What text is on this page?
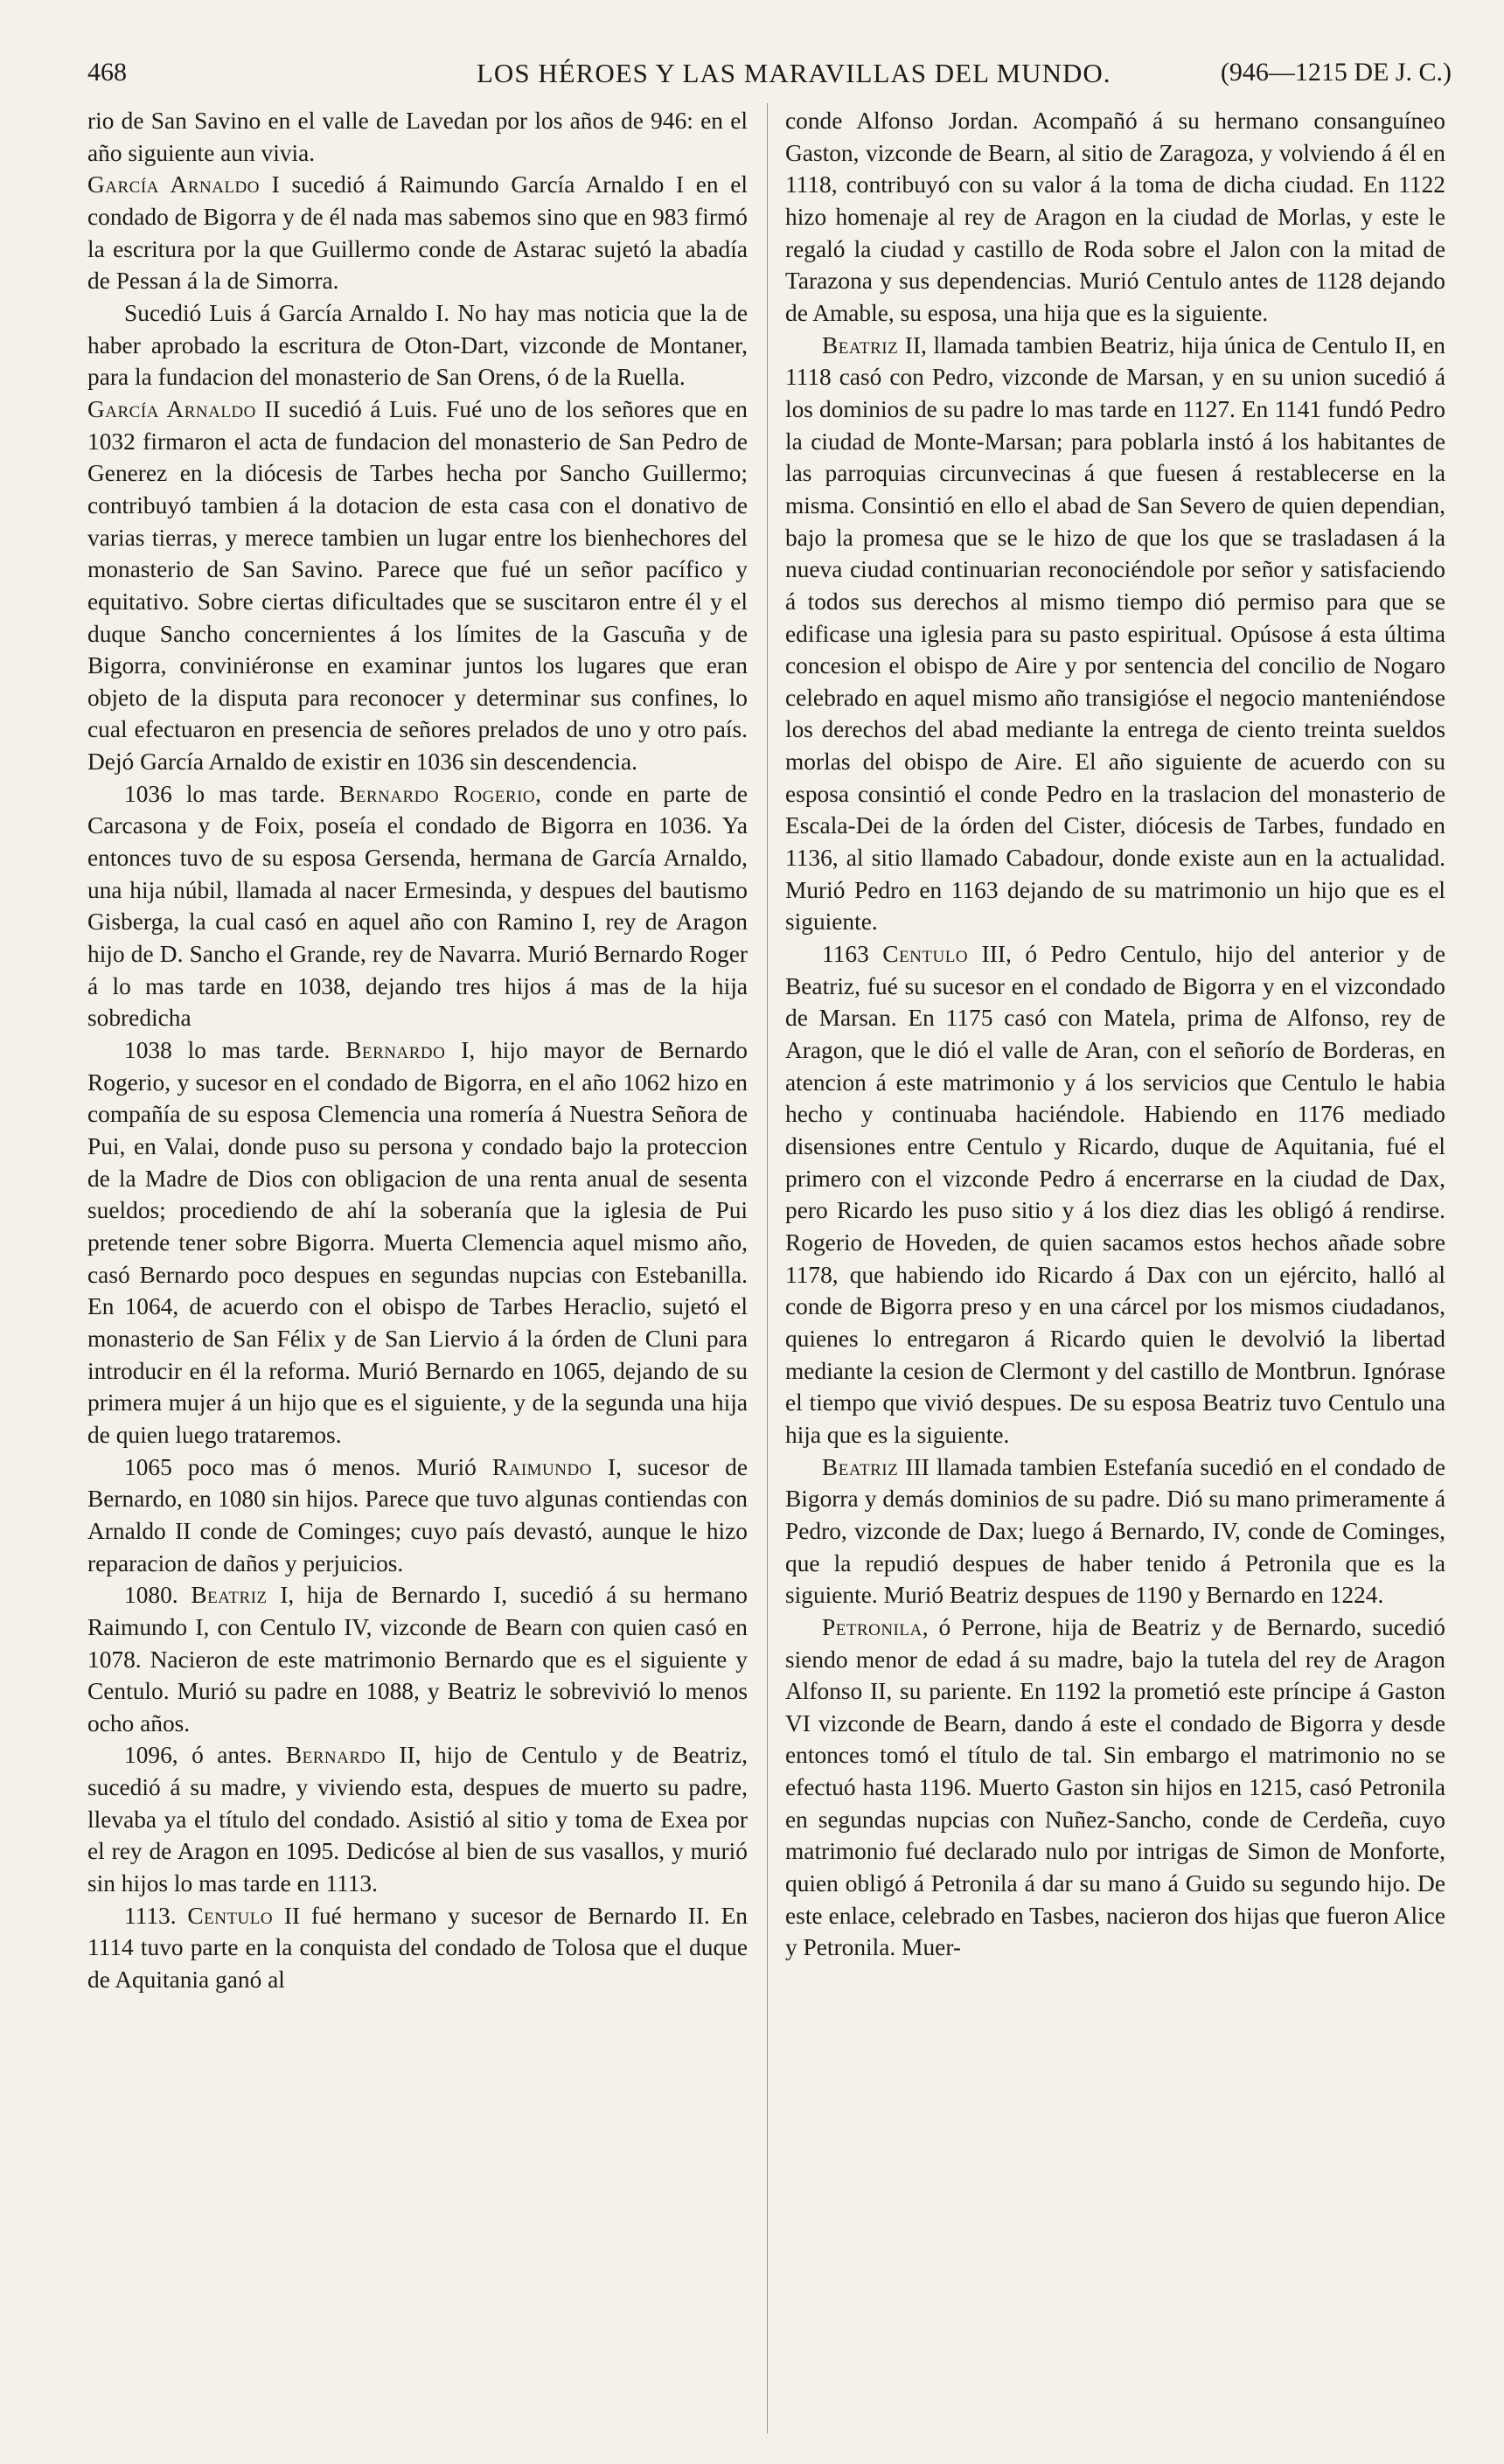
468	LOS HÉROES Y LAS MARAVILLAS DEL MUNDO.	(946—1215 DE J. C.)

rio de San Savino en el valle de Lavedan por los años de 946: en el año siguiente aun vivia.

García Arnaldo I sucedió á Raimundo García Arnaldo I en el condado de Bigorra y de él nada mas sabemos sino que en 983 firmó la escritura por la que Guillermo conde de Astarac sujetó la abadía de Pessan á la de Simorra.

Sucedió Luis á García Arnaldo I. No hay mas noticia que la de haber aprobado la escritura de Oton-Dart, vizconde de Montaner, para la fundacion del monasterio de San Orens, ó de la Ruella.

García Arnaldo II sucedió á Luis. Fué uno de los señores que en 1032 firmaron el acta de fundacion del monasterio de San Pedro de Generez en la diócesis de Tarbes hecha por Sancho Guillermo; contribuyó tambien á la dotacion de esta casa con el donativo de varias tierras, y merece tambien un lugar entre los bienhechores del monasterio de San Savino. Parece que fué un señor pacífico y equitativo. Sobre ciertas dificultades que se suscitaron entre él y el duque Sancho concernientes á los límites de la Gascuña y de Bigorra, conviniéronse en examinar juntos los lugares que eran objeto de la disputa para reconocer y determinar sus confines, lo cual efectuaron en presencia de señores prelados de uno y otro país. Dejó García Arnaldo de existir en 1036 sin descendencia.

1036 lo mas tarde. Bernardo Rogerio, conde en parte de Carcasona y de Foix, poseía el condado de Bigorra en 1036. Ya entonces tuvo de su esposa Gersenda, hermana de García Arnaldo, una hija núbil, llamada al nacer Ermesinda, y despues del bautismo Gisberga, la cual casó en aquel año con Ramino I, rey de Aragon hijo de D. Sancho el Grande, rey de Navarra. Murió Bernardo Roger á lo mas tarde en 1038, dejando tres hijos á mas de la hija sobredicha

1038 lo mas tarde. Bernardo I, hijo mayor de Bernardo Rogerio, y sucesor en el condado de Bigorra, en el año 1062 hizo en compañía de su esposa Clemencia una romería á Nuestra Señora de Pui, en Valai, donde puso su persona y condado bajo la proteccion de la Madre de Dios con obligacion de una renta anual de sesenta sueldos; procediendo de ahí la soberanía que la iglesia de Pui pretende tener sobre Bigorra. Muerta Clemencia aquel mismo año, casó Bernardo poco despues en segundas nupcias con Estebanilla. En 1064, de acuerdo con el obispo de Tarbes Heraclio, sujetó el monasterio de San Félix y de San Liervio á la órden de Cluni para introducir en él la reforma. Murió Bernardo en 1065, dejando de su primera mujer á un hijo que es el siguiente, y de la segunda una hija de quien luego trataremos.

1065 poco mas ó menos. Murió Raimundo I, sucesor de Bernardo, en 1080 sin hijos. Parece que tuvo algunas contiendas con Arnaldo II conde de Cominges; cuyo país devastó, aunque le hizo reparacion de daños y perjuicios.

1080. Beatriz I, hija de Bernardo I, sucedió á su hermano Raimundo I, con Centulo IV, vizconde de Bearn con quien casó en 1078. Nacieron de este matrimonio Bernardo que es el siguiente y Centulo. Murió su padre en 1088, y Beatriz le sobrevivió lo menos ocho años.

1096, ó antes. Bernardo II, hijo de Centulo y de Beatriz, sucedió á su madre, y viviendo esta, despues de muerto su padre, llevaba ya el título del condado. Asistió al sitio y toma de Exea por el rey de Aragon en 1095. Dedicóse al bien de sus vasallos, y murió sin hijos lo mas tarde en 1113.

1113. Centulo II fué hermano y sucesor de Bernardo II. En 1114 tuvo parte en la conquista del condado de Tolosa que el duque de Aquitania ganó al

conde Alfonso Jordan. Acompañó á su hermano consanguíneo Gaston, vizconde de Bearn, al sitio de Zaragoza, y volviendo á él en 1118, contribuyó con su valor á la toma de dicha ciudad. En 1122 hizo homenaje al rey de Aragon en la ciudad de Morlas, y este le regaló la ciudad y castillo de Roda sobre el Jalon con la mitad de Tarazona y sus dependencias. Murió Centulo antes de 1128 dejando de Amable, su esposa, una hija que es la siguiente.

Beatriz II, llamada tambien Beatriz, hija única de Centulo II, en 1118 casó con Pedro, vizconde de Marsan, y en su union sucedió á los dominios de su padre lo mas tarde en 1127. En 1141 fundó Pedro la ciudad de Monte-Marsan; para poblarla instó á los habitantes de las parroquias circunvecinas á que fuesen á restablecerse en la misma. Consintió en ello el abad de San Severo de quien dependian, bajo la promesa que se le hizo de que los que se trasladasen á la nueva ciudad continuarian reconociéndole por señor y satisfaciendo á todos sus derechos al mismo tiempo dió permiso para que se edificase una iglesia para su pasto espiritual. Opúsose á esta última concesion el obispo de Aire y por sentencia del concilio de Nogaro celebrado en aquel mismo año transigióse el negocio manteniéndose los derechos del abad mediante la entrega de ciento treinta sueldos morlas del obispo de Aire. El año siguiente de acuerdo con su esposa consintió el conde Pedro en la traslacion del monasterio de Escala-Dei de la órden del Cister, diócesis de Tarbes, fundado en 1136, al sitio llamado Cabadour, donde existe aun en la actualidad. Murió Pedro en 1163 dejando de su matrimonio un hijo que es el siguiente.

1163 Centulo III, ó Pedro Centulo, hijo del anterior y de Beatriz, fué su sucesor en el condado de Bigorra y en el vizcondado de Marsan. En 1175 casó con Matela, prima de Alfonso, rey de Aragon, que le dió el valle de Aran, con el señorío de Borderas, en atencion á este matrimonio y á los servicios que Centulo le habia hecho y continuaba haciéndole. Habiendo en 1176 mediado disensiones entre Centulo y Ricardo, duque de Aquitania, fué el primero con el vizconde Pedro á encerrarse en la ciudad de Dax, pero Ricardo les puso sitio y á los diez dias les obligó á rendirse. Rogerio de Hoveden, de quien sacamos estos hechos añade sobre 1178, que habiendo ido Ricardo á Dax con un ejército, halló al conde de Bigorra preso y en una cárcel por los mismos ciudadanos, quienes lo entregaron á Ricardo quien le devolvió la libertad mediante la cesion de Clermont y del castillo de Montbrun. Ignórase el tiempo que vivió despues. De su esposa Beatriz tuvo Centulo una hija que es la siguiente.

Beatriz III llamada tambien Estefanía sucedió en el condado de Bigorra y demás dominios de su padre. Dió su mano primeramente á Pedro, vizconde de Dax; luego á Bernardo, IV, conde de Cominges, que la repudió despues de haber tenido á Petronila que es la siguiente. Murió Beatriz despues de 1190 y Bernardo en 1224.

Petronila, ó Perrone, hija de Beatriz y de Bernardo, sucedió siendo menor de edad á su madre, bajo la tutela del rey de Aragon Alfonso II, su pariente. En 1192 la prometió este príncipe á Gaston VI vizconde de Bearn, dando á este el condado de Bigorra y desde entonces tomó el título de tal. Sin embargo el matrimonio no se efectuó hasta 1196. Muerto Gaston sin hijos en 1215, casó Petronila en segundas nupcias con Nuñez-Sancho, conde de Cerdeña, cuyo matrimonio fué declarado nulo por intrigas de Simon de Monforte, quien obligó á Petronila á dar su mano á Guido su segundo hijo. De este enlace, celebrado en Tasbes, nacieron dos hijas que fueron Alice y Petronila. Muer-
